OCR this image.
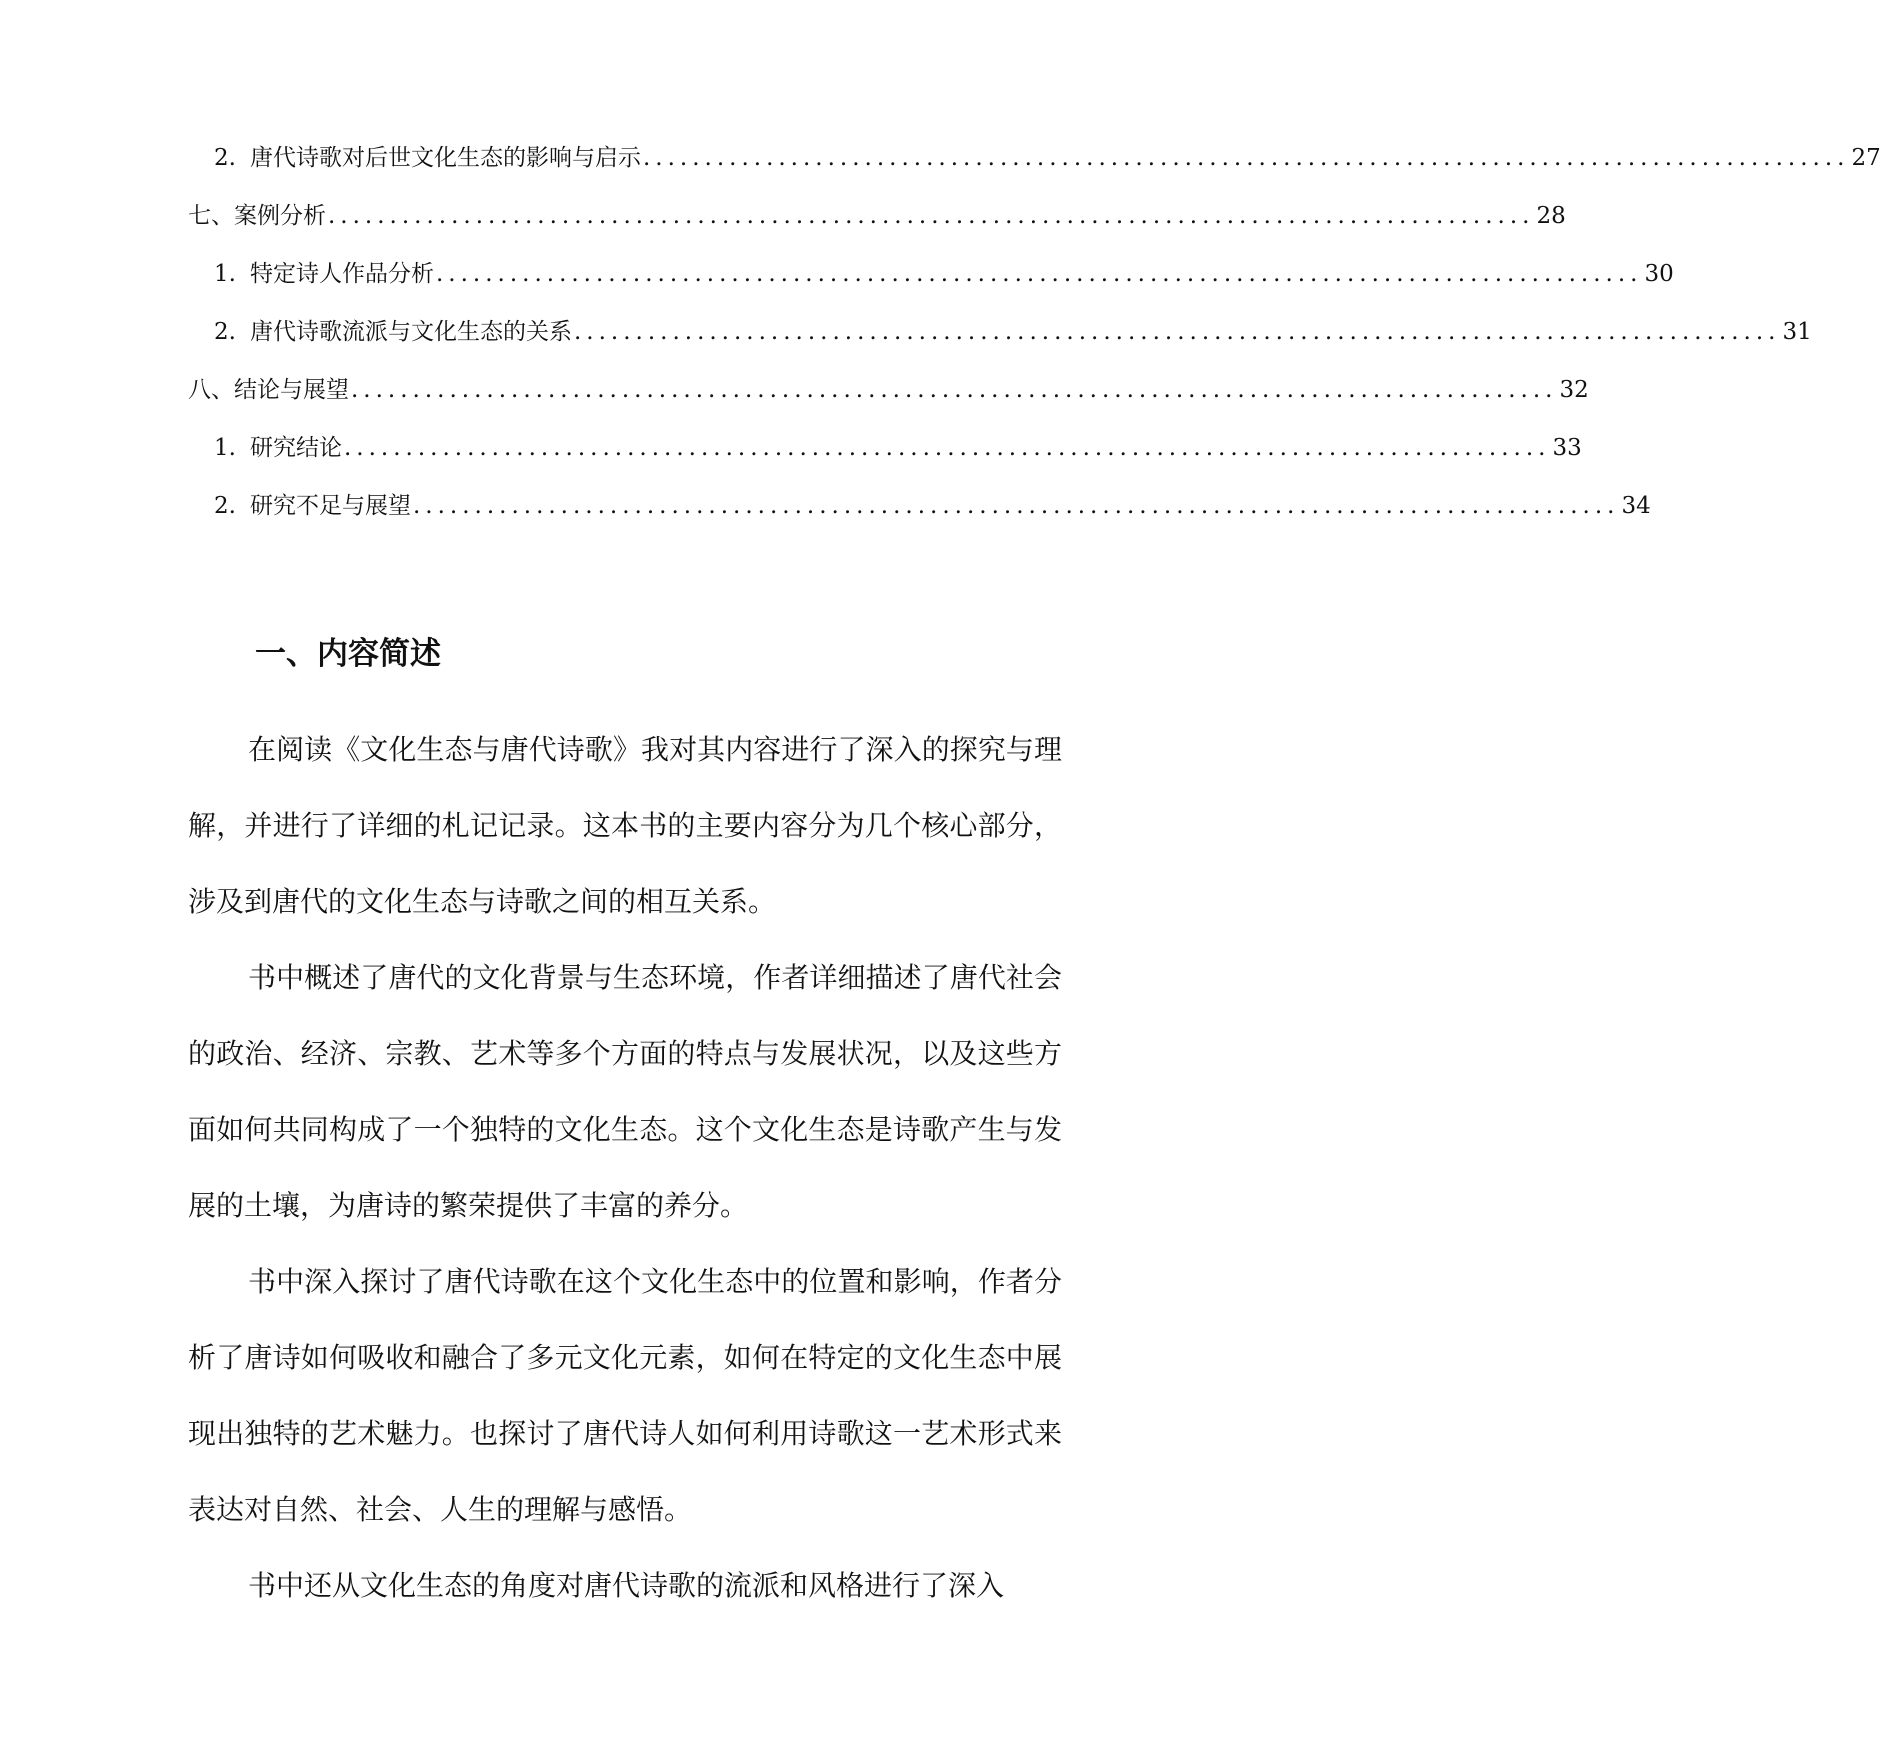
2. 唐代诗歌对后世文化生态的影响与启示 .................................................................................................. 27
七、案例分析 .................................................................................................. 28
1. 特定诗人作品分析 .................................................................................................. 30
2. 唐代诗歌流派与文化生态的关系 .................................................................................................. 31
八、结论与展望 .................................................................................................. 32
1. 研究结论 .................................................................................................. 33
2. 研究不足与展望 .................................................................................................. 34
一、内容简述

在阅读《文化生态与唐代诗歌》我对其内容进行了深入的探究与理解，并进行了详细的札记记录。这本书的主要内容分为几个核心部分，涉及到唐代的文化生态与诗歌之间的相互关系。

书中概述了唐代的文化背景与生态环境，作者详细描述了唐代社会的政治、经济、宗教、艺术等多个方面的特点与发展状况，以及这些方面如何共同构成了一个独特的文化生态。这个文化生态是诗歌产生与发展的土壤，为唐诗的繁荣提供了丰富的养分。

书中深入探讨了唐代诗歌在这个文化生态中的位置和影响，作者分析了唐诗如何吸收和融合了多元文化元素，如何在特定的文化生态中展现出独特的艺术魅力。也探讨了唐代诗人如何利用诗歌这一艺术形式来表达对自然、社会、人生的理解与感悟。

书中还从文化生态的角度对唐代诗歌的流派和风格进行了深入
